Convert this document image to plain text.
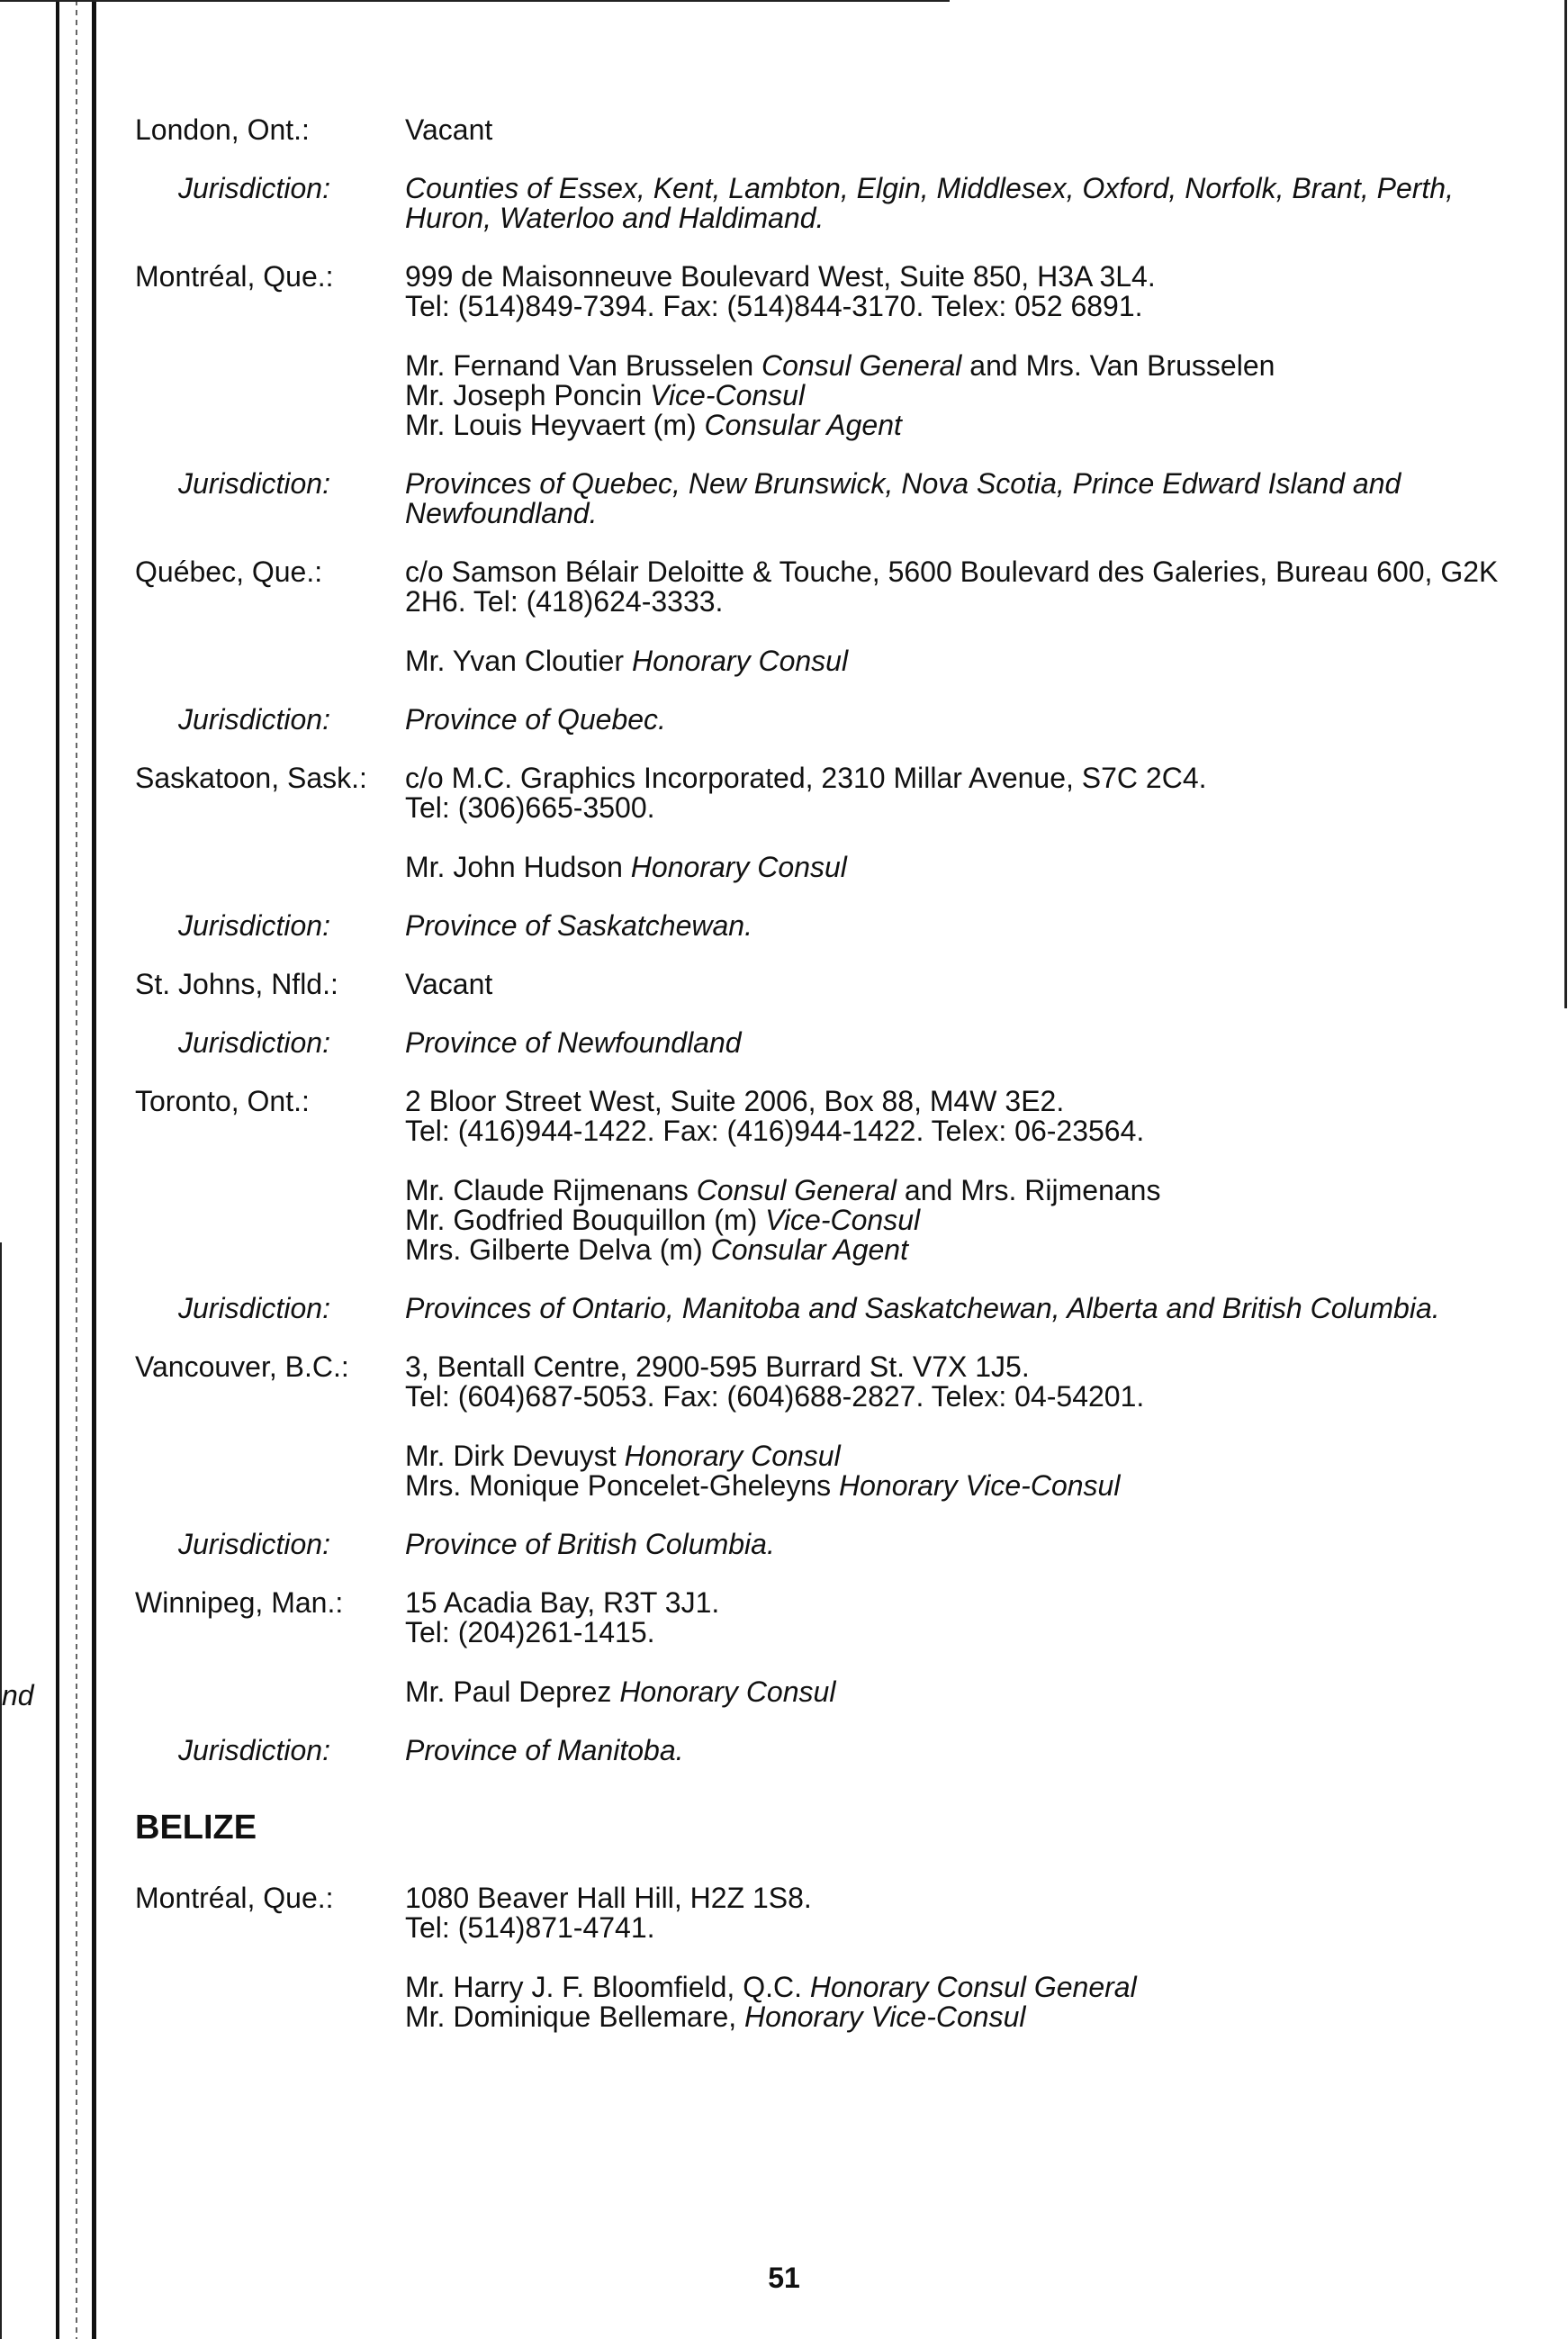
nd
London, Ont.:	Vacant
Jurisdiction:	Counties of Essex, Kent, Lambton, Elgin, Middlesex, Oxford, Norfolk, Brant, Perth, Huron, Waterloo and Haldimand.
Montréal, Que.:	999 de Maisonneuve Boulevard West, Suite 850, H3A 3L4.
Tel: (514)849-7394. Fax: (514)844-3170. Telex: 052 6891.
Mr. Fernand Van Brusselen Consul General and Mrs. Van Brusselen
Mr. Joseph Poncin Vice-Consul
Mr. Louis Heyvaert (m) Consular Agent
Jurisdiction:	Provinces of Quebec, New Brunswick, Nova Scotia, Prince Edward Island and Newfoundland.
Québec, Que.:	c/o Samson Bélair Deloitte & Touche, 5600 Boulevard des Galeries, Bureau 600, G2K 2H6. Tel: (418)624-3333.
Mr. Yvan Cloutier Honorary Consul
Jurisdiction:	Province of Quebec.
Saskatoon, Sask.:	c/o M.C. Graphics Incorporated, 2310 Millar Avenue, S7C 2C4.
Tel: (306)665-3500.
Mr. John Hudson Honorary Consul
Jurisdiction:	Province of Saskatchewan.
St. Johns, Nfld.:	Vacant
Jurisdiction:	Province of Newfoundland
Toronto, Ont.:	2 Bloor Street West, Suite 2006, Box 88, M4W 3E2.
Tel: (416)944-1422. Fax: (416)944-1422. Telex: 06-23564.
Mr. Claude Rijmenans Consul General and Mrs. Rijmenans
Mr. Godfried Bouquillon (m) Vice-Consul
Mrs. Gilberte Delva (m) Consular Agent
Jurisdiction:	Provinces of Ontario, Manitoba and Saskatchewan, Alberta and British Columbia.
Vancouver, B.C.:	3, Bentall Centre, 2900-595 Burrard St. V7X 1J5.
Tel: (604)687-5053. Fax: (604)688-2827. Telex: 04-54201.
Mr. Dirk Devuyst Honorary Consul
Mrs. Monique Poncelet-Gheleyns Honorary Vice-Consul
Jurisdiction:	Province of British Columbia.
Winnipeg, Man.:	15 Acadia Bay, R3T 3J1.
Tel: (204)261-1415.
Mr. Paul Deprez Honorary Consul
Jurisdiction:	Province of Manitoba.
BELIZE
Montréal, Que.:	1080 Beaver Hall Hill, H2Z 1S8.
Tel: (514)871-4741.
Mr. Harry J. F. Bloomfield, Q.C. Honorary Consul General
Mr. Dominique Bellemare, Honorary Vice-Consul
51
